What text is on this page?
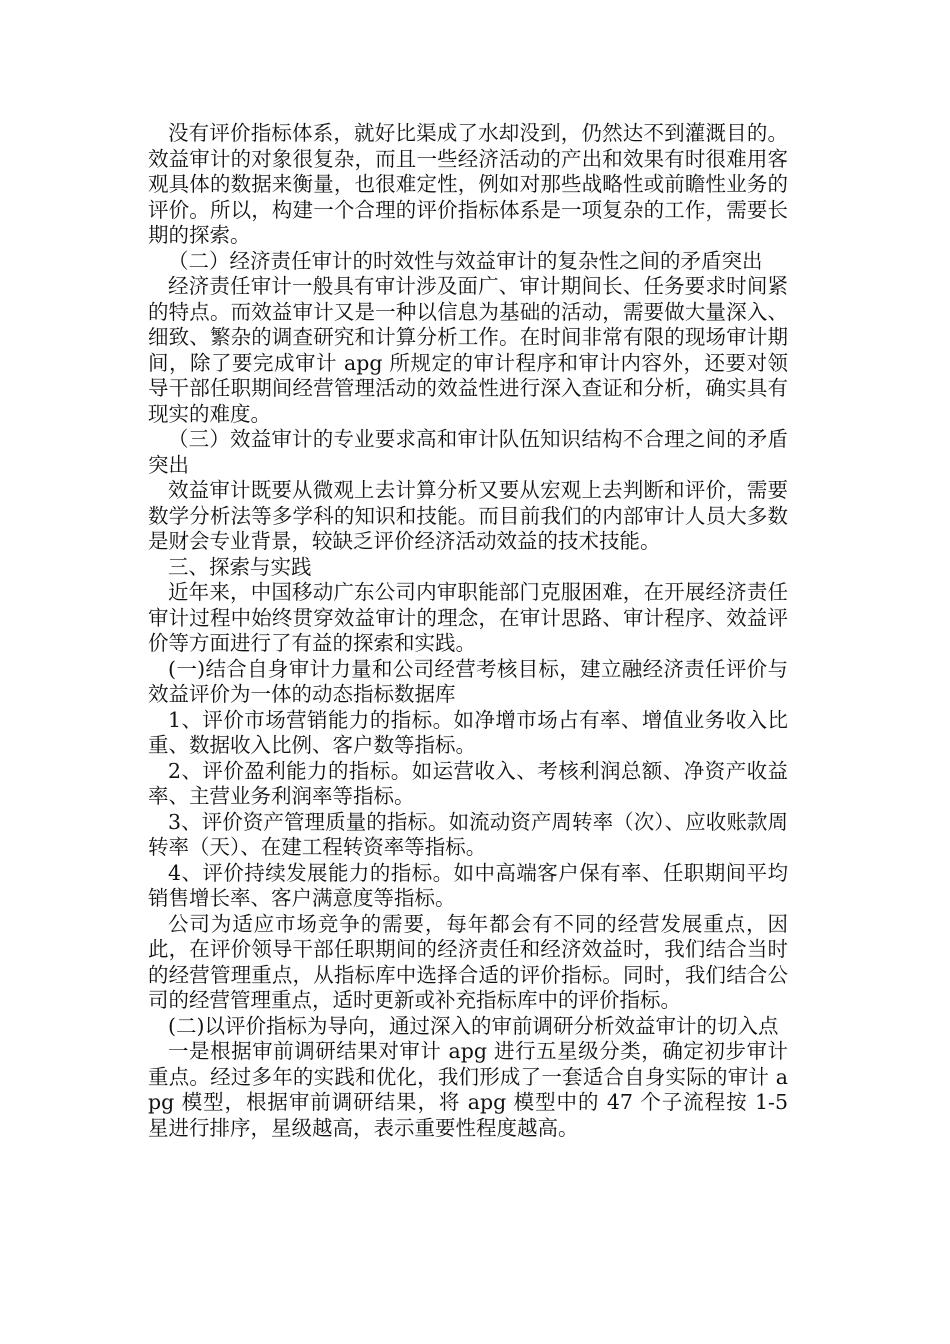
没有评价指标体系，就好比渠成了水却没到，仍然达不到灌溉目的。效益审计的对象很复杂，而且一些经济活动的产出和效果有时很难用客观具体的数据来衡量，也很难定性，例如对那些战略性或前瞻性业务的评价。所以，构建一个合理的评价指标体系是一项复杂的工作，需要长期的探索。

（二）经济责任审计的时效性与效益审计的复杂性之间的矛盾突出

经济责任审计一般具有审计涉及面广、审计期间长、任务要求时间紧的特点。而效益审计又是一种以信息为基础的活动，需要做大量深入、细致、繁杂的调查研究和计算分析工作。在时间非常有限的现场审计期间，除了要完成审计 apg 所规定的审计程序和审计内容外，还要对领导干部任职期间经营管理活动的效益性进行深入查证和分析，确实具有现实的难度。

（三）效益审计的专业要求高和审计队伍知识结构不合理之间的矛盾突出

效益审计既要从微观上去计算分析又要从宏观上去判断和评价，需要数学分析法等多学科的知识和技能。而目前我们的内部审计人员大多数是财会专业背景，较缺乏评价经济活动效益的技术技能。

三、探索与实践

近年来，中国移动广东公司内审职能部门克服困难，在开展经济责任审计过程中始终贯穿效益审计的理念，在审计思路、审计程序、效益评价等方面进行了有益的探索和实践。

(一)结合自身审计力量和公司经营考核目标，建立融经济责任评价与效益评价为一体的动态指标数据库

1、评价市场营销能力的指标。如净增市场占有率、增值业务收入比重、数据收入比例、客户数等指标。

2、评价盈利能力的指标。如运营收入、考核利润总额、净资产收益率、主营业务利润率等指标。

3、评价资产管理质量的指标。如流动资产周转率（次）、应收账款周转率（天）、在建工程转资率等指标。

4、评价持续发展能力的指标。如中高端客户保有率、任职期间平均销售增长率、客户满意度等指标。

公司为适应市场竞争的需要，每年都会有不同的经营发展重点，因此，在评价领导干部任职期间的经济责任和经济效益时，我们结合当时的经营管理重点，从指标库中选择合适的评价指标。同时，我们结合公司的经营管理重点，适时更新或补充指标库中的评价指标。

(二)以评价指标为导向，通过深入的审前调研分析效益审计的切入点

一是根据审前调研结果对审计 apg 进行五星级分类，确定初步审计重点。经过多年的实践和优化，我们形成了一套适合自身实际的审计 apg 模型，根据审前调研结果，将 apg 模型中的 47 个子流程按 1-5 星进行排序，星级越高，表示重要性程度越高。
